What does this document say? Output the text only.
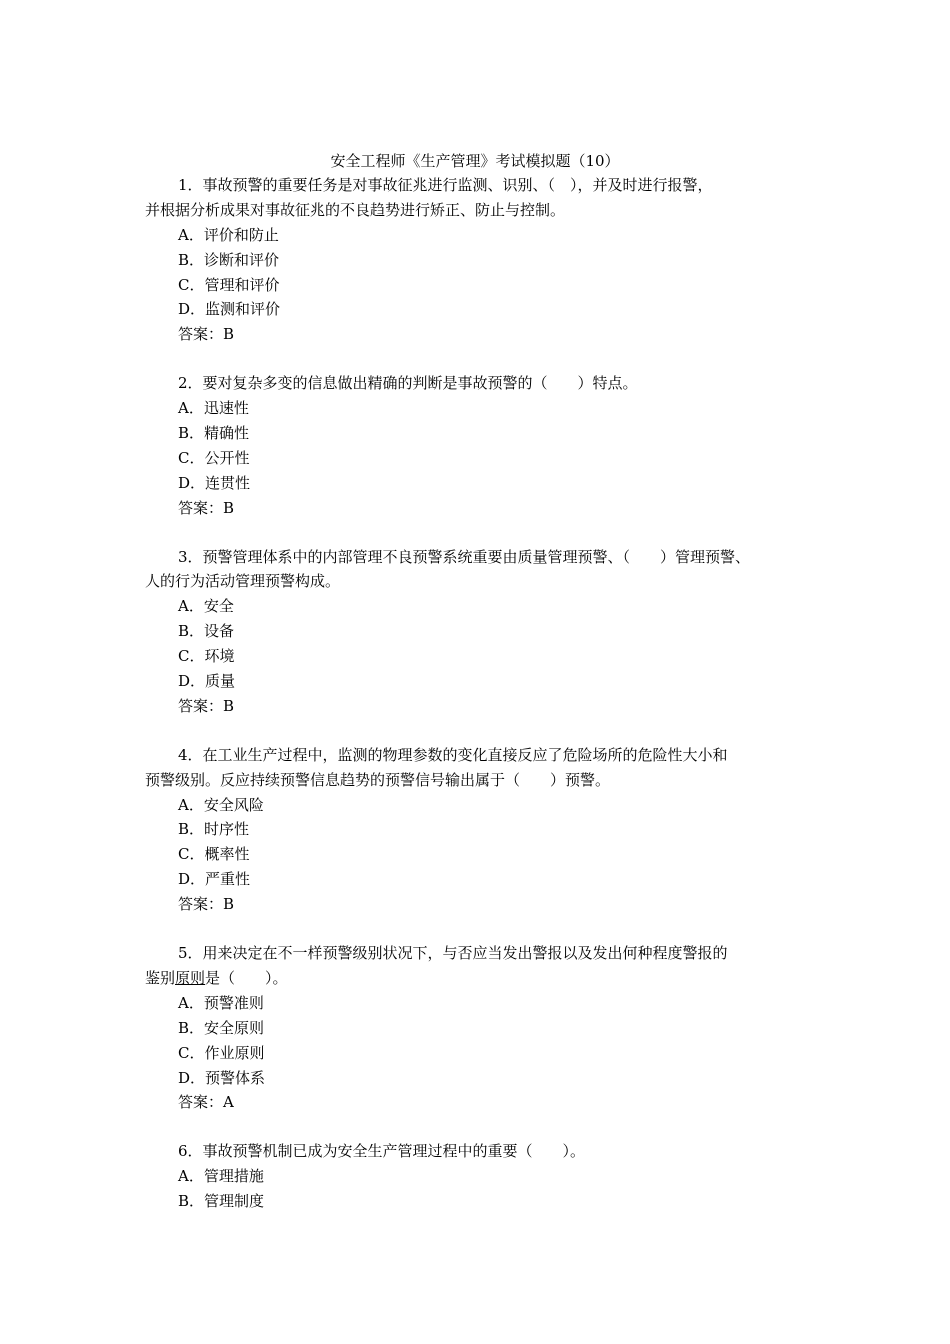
安全工程师《生产管理》考试模拟题（10）
1．事故预警的重要任务是对事故征兆进行监测、识别、（　），并及时进行报警，
并根据分析成果对事故征兆的不良趋势进行矫正、防止与控制。
A．评价和防止
B．诊断和评价
C．管理和评价
D．监测和评价
答案：B
2．要对复杂多变的信息做出精确的判断是事故预警的（　　）特点。
A．迅速性
B．精确性
C．公开性
D．连贯性
答案：B
3．预警管理体系中的内部管理不良预警系统重要由质量管理预警、（　　）管理预警、
人的行为活动管理预警构成。
A．安全
B．设备
C．环境
D．质量
答案：B
4．在工业生产过程中，监测的物理参数的变化直接反应了危险场所的危险性大小和
预警级别。反应持续预警信息趋势的预警信号输出属于（　　）预警。
A．安全风险
B．时序性
C．概率性
D．严重性
答案：B
5．用来决定在不一样预警级别状况下，与否应当发出警报以及发出何种程度警报的
鉴别原则是（　　）。
A．预警准则
B．安全原则
C．作业原则
D．预警体系
答案：A
6．事故预警机制已成为安全生产管理过程中的重要（　　）。
A．管理措施
B．管理制度
